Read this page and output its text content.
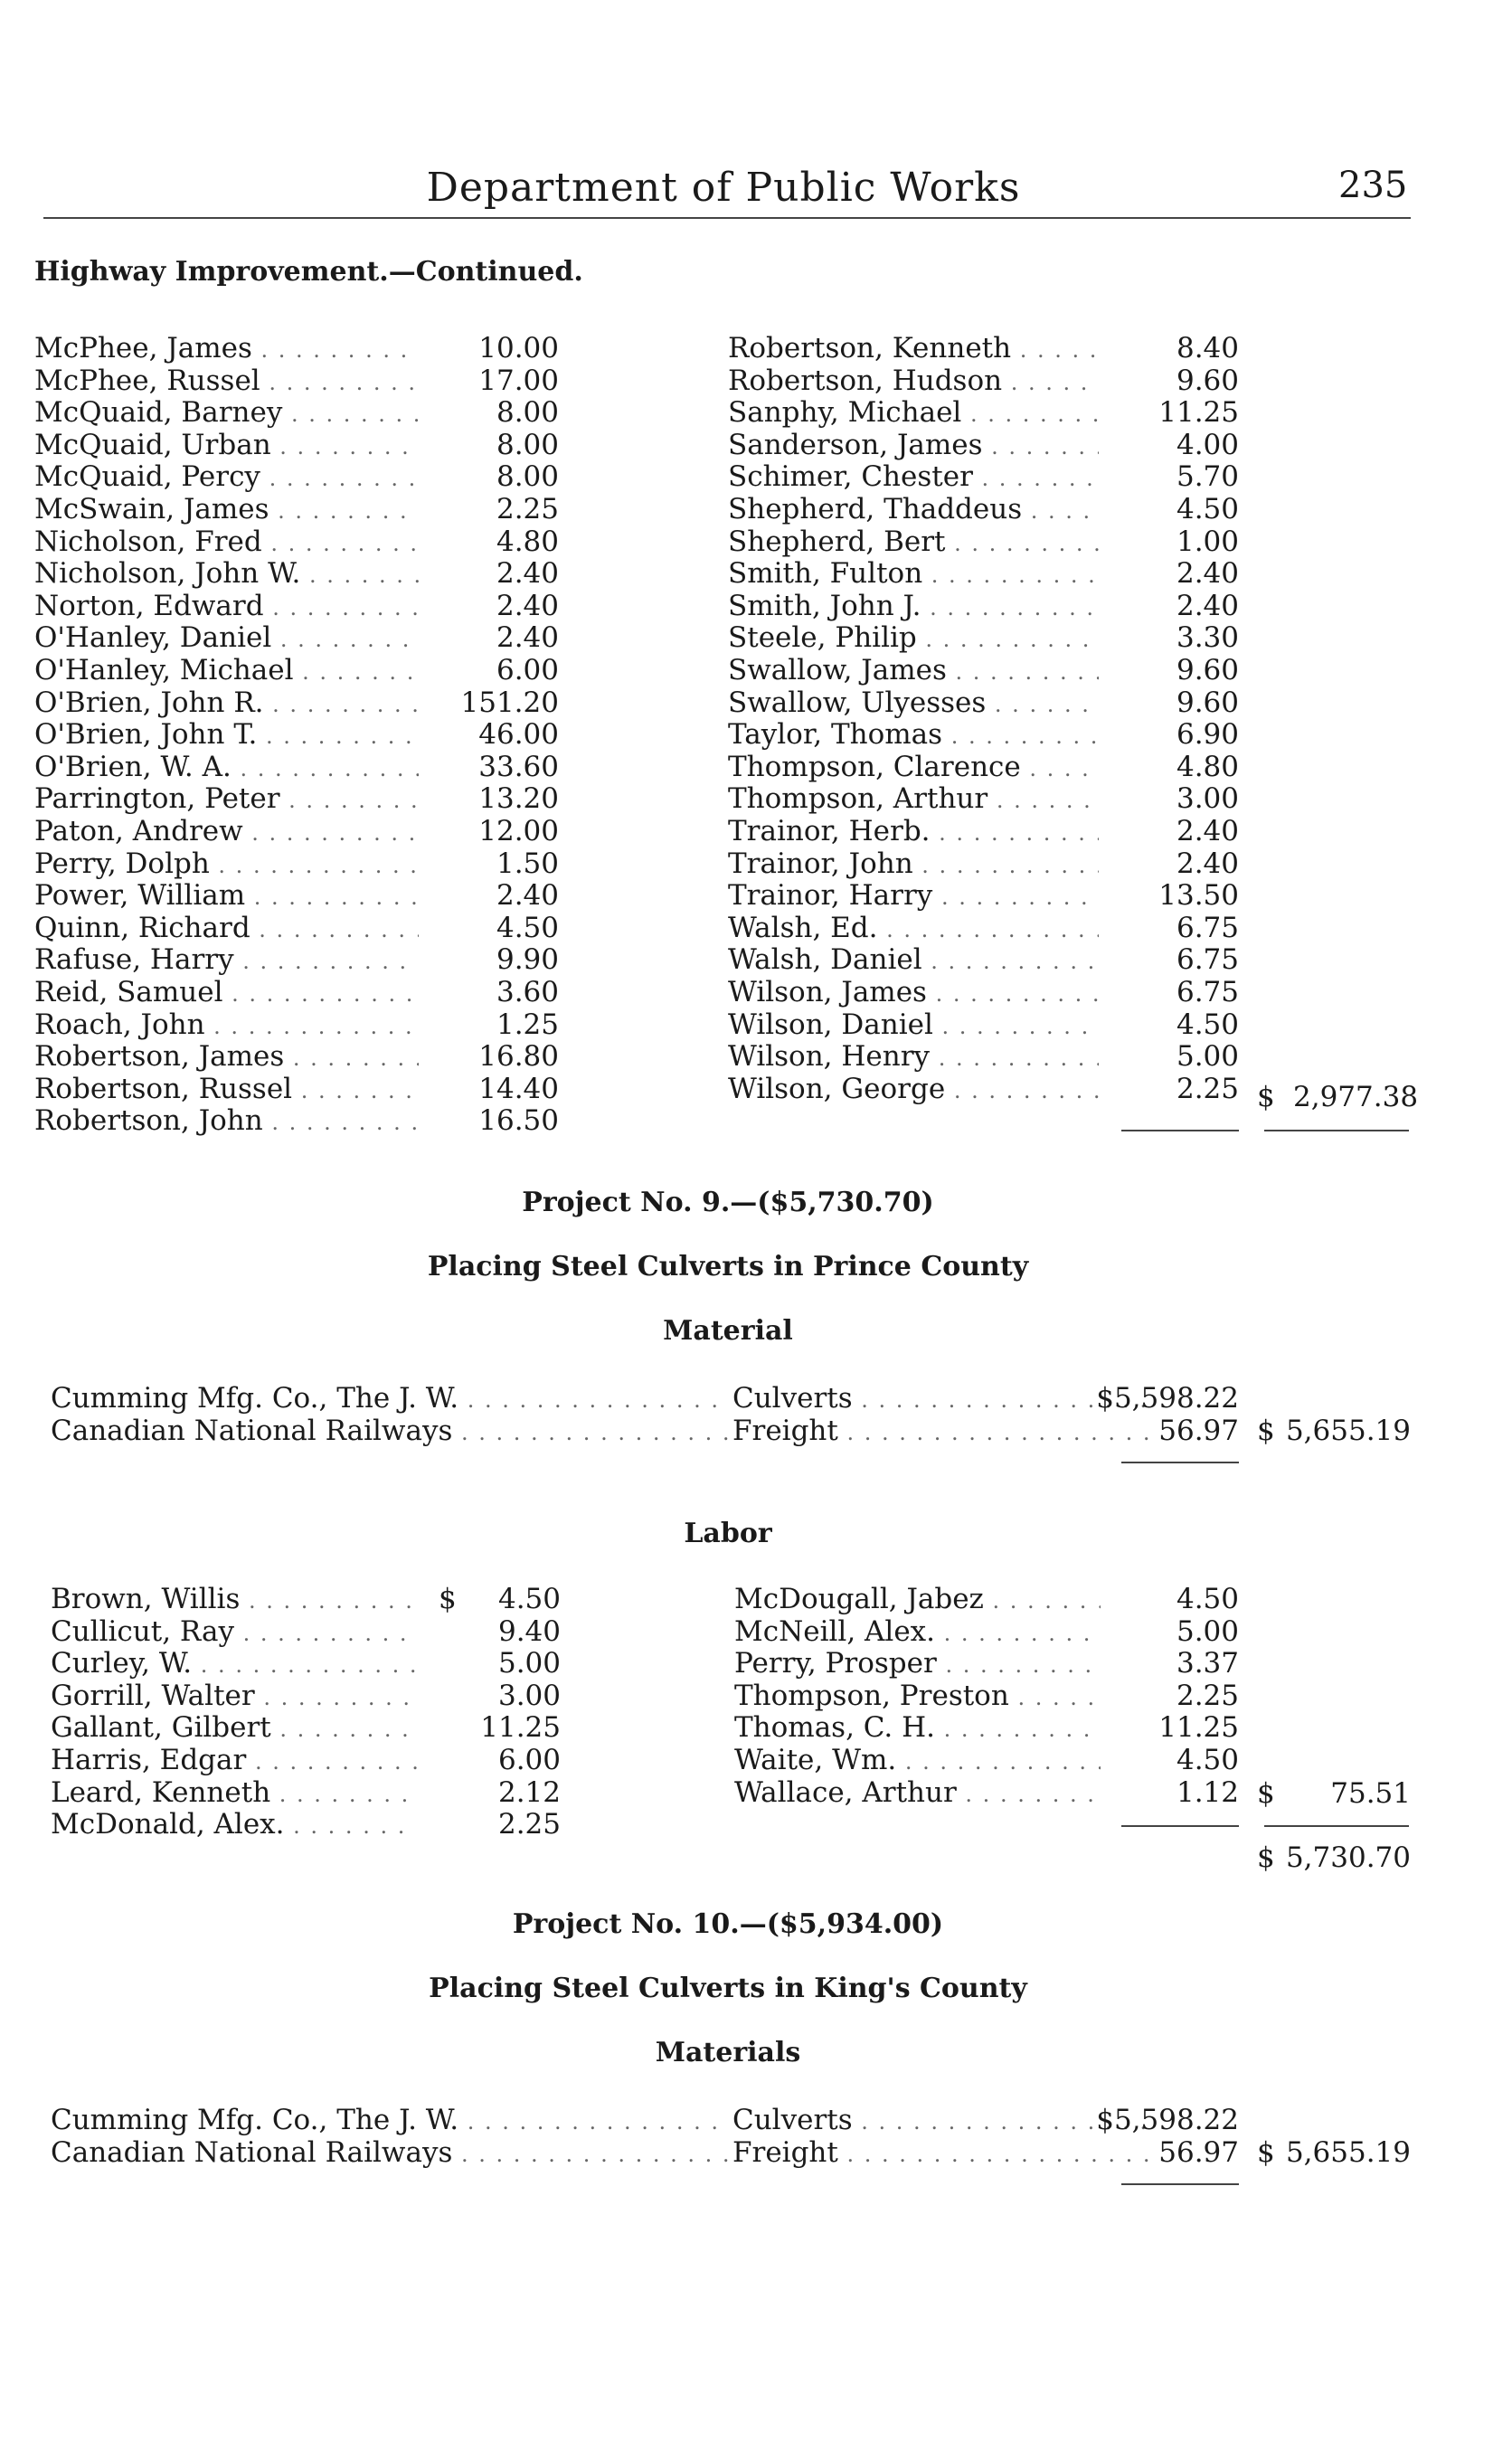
Department of Public Works	235
Highway Improvement.—Continued.
McPhee, James . . .	10.00
McPhee, Russel . . .	17.00
McQuaid, Barney . . .	8.00
McQuaid, Urban . . .	8.00
McQuaid, Percy . . .	8.00
McSwain, James . . .	2.25
Nicholson, Fred . . .	4.80
Nicholson, John W. . . .	2.40
Norton, Edward . . .	2.40
O'Hanley, Daniel . . .	2.40
O'Hanley, Michael . . .	6.00
O'Brien, John R. . . .	151.20
O'Brien, John T. . . .	46.00
O'Brien, W. A. . . .	33.60
Parrington, Peter . . .	13.20
Paton, Andrew . . .	12.00
Perry, Dolph . . .	1.50
Power, William . . .	2.40
Quinn, Richard . . .	4.50
Rafuse, Harry . . .	9.90
Reid, Samuel . . .	3.60
Roach, John . . .	1.25
Robertson, James . . .	16.80
Robertson, Russel . . .	14.40
Robertson, John . . .	16.50
Robertson, Kenneth . . .	8.40
Robertson, Hudson . . .	9.60
Sanphy, Michael . . .	11.25
Sanderson, James . . .	4.00
Schimer, Chester . . .	5.70
Shepherd, Thaddeus . . .	4.50
Shepherd, Bert . . .	1.00
Smith, Fulton . . .	2.40
Smith, John J. . . .	2.40
Steele, Philip . . .	3.30
Swallow, James . . .	9.60
Swallow, Ulyesses . . .	9.60
Taylor, Thomas . . .	6.90
Thompson, Clarence . . .	4.80
Thompson, Arthur . . .	3.00
Trainor, Herb. . . .	2.40
Trainor, John . . .	2.40
Trainor, Harry . . .	13.50
Walsh, Ed. . . .	6.75
Walsh, Daniel . . .	6.75
Wilson, James . . .	6.75
Wilson, Daniel . . .	4.50
Wilson, Henry . . .	5.00
Wilson, George . . .	2.25 $ 2,977.38
Project No. 9.—($5,730.70)
Placing Steel Culverts in Prince County
Material
Cumming Mfg. Co., The J. W. . . .	Culverts . . .	$5,598.22
Canadian National Railways . . .	Freight . . .	56.97 $ 5,655.19
Labor
$
Brown, Willis . . .	4.50
Cullicut, Ray . . .	9.40
Curley, W. . . .	5.00
Gorrill, Walter . . .	3.00
Gallant, Gilbert . . .	11.25
Harris, Edgar . . .	6.00
Leard, Kenneth . . .	2.12
McDonald, Alex. . . .	2.25
McDougall, Jabez . . .	4.50
McNeill, Alex. . . .	5.00
Perry, Prosper . . .	3.37
Thompson, Preston . . .	2.25
Thomas, C. H. . . .	11.25
Waite, Wm. . . .	4.50
Wallace, Arthur . . .	1.12 $	75.51
$ 5,730.70
Project No. 10.—($5,934.00)
Placing Steel Culverts in King's County
Materials
Cumming Mfg. Co., The J. W. . . .	Culverts . . .	$5,598.22
Canadian National Railways . . .	Freight . . .	56.97 $ 5,655.19
